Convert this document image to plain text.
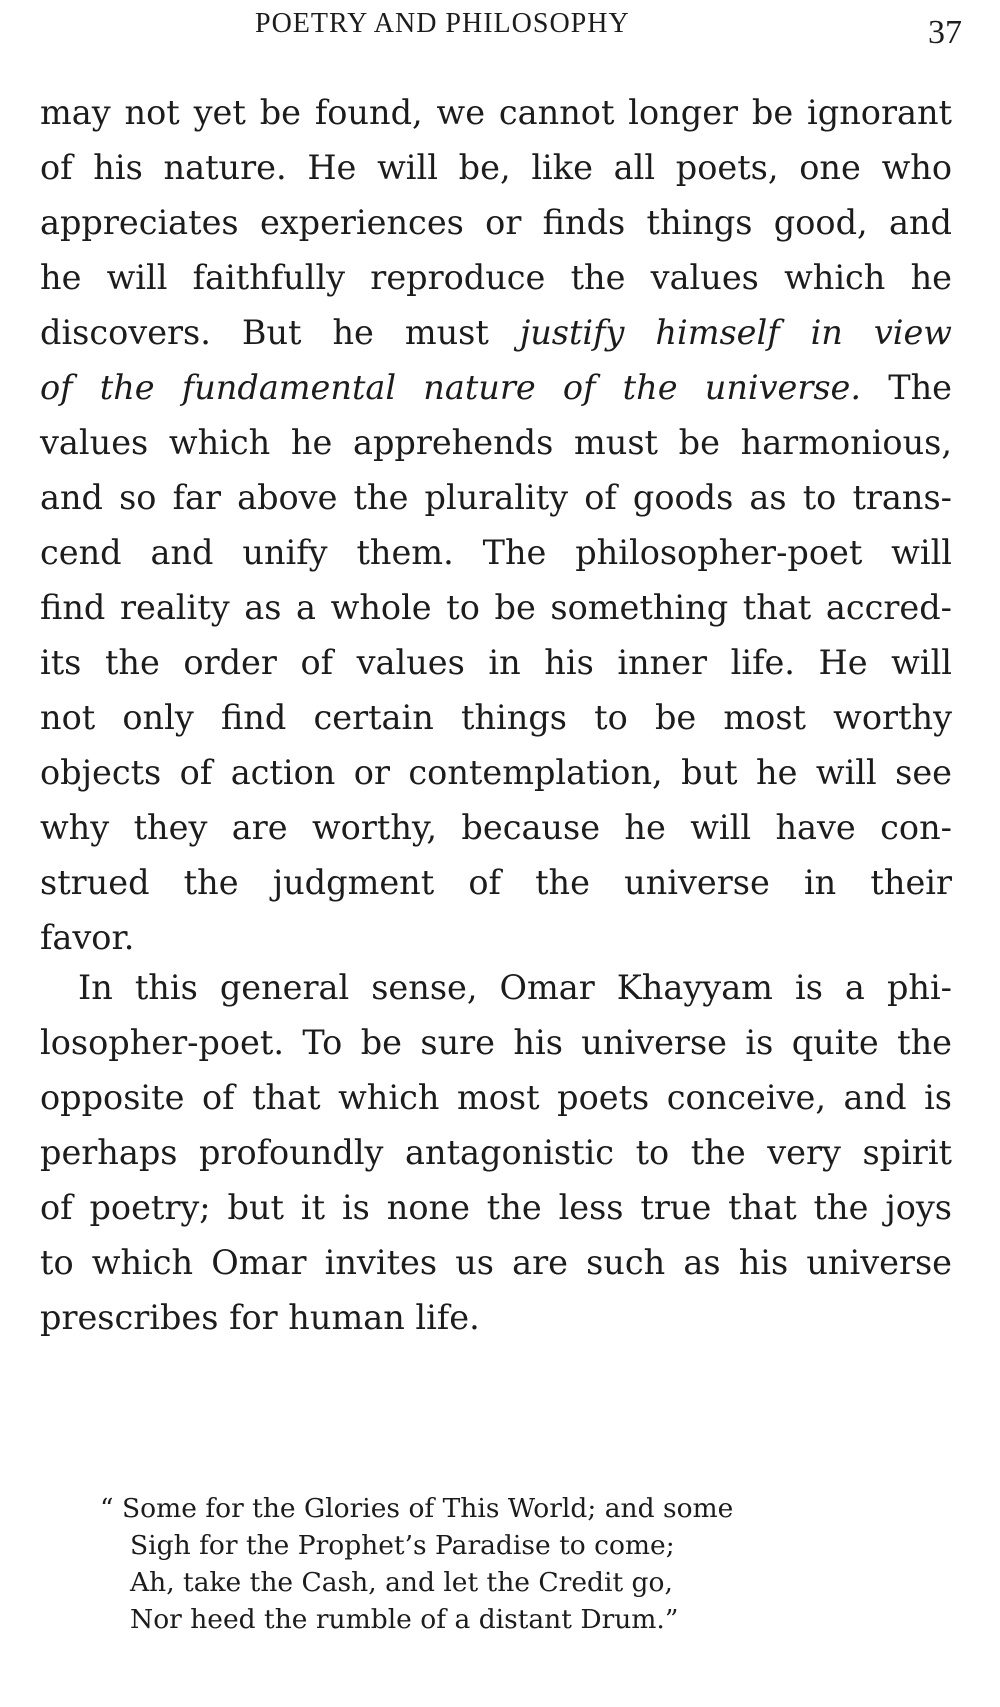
POETRY AND PHILOSOPHY	37
may not yet be found, we cannot longer be ignorant
of his nature. He will be, like all poets, one who
appreciates experiences or finds things good, and
he will faithfully reproduce the values which he
discovers. But he must justify himself in view
of the fundamental nature of the universe. The
values which he apprehends must be harmonious,
and so far above the plurality of goods as to trans-
cend and unify them. The philosopher-poet will
find reality as a whole to be something that accred-
its the order of values in his inner life. He will
not only find certain things to be most worthy
objects of action or contemplation, but he will see
why they are worthy, because he will have con-
strued the judgment of the universe in their
favor.
In this general sense, Omar Khayyam is a phi-
losopher-poet. To be sure his universe is quite the
opposite of that which most poets conceive, and is
perhaps profoundly antagonistic to the very spirit
of poetry; but it is none the less true that the joys
to which Omar invites us are such as his universe
prescribes for human life.
“ Some for the Glories of This World; and some
Sigh for the Prophet’s Paradise to come;
Ah, take the Cash, and let the Credit go,
Nor heed the rumble of a distant Drum.”
